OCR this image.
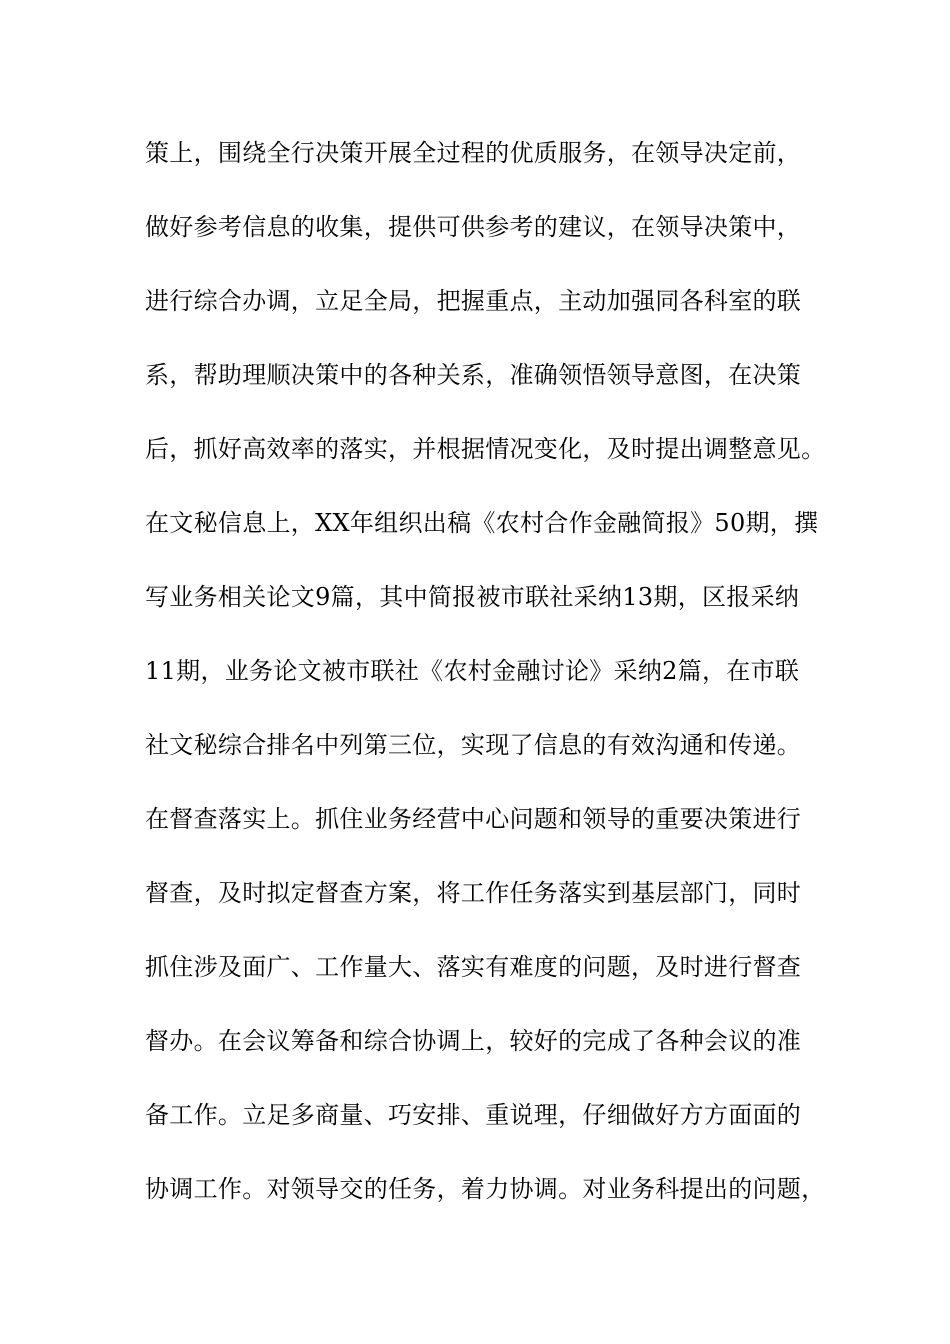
策上，围绕全行决策开展全过程的优质服务，在领导决定前，
做好参考信息的收集，提供可供参考的建议，在领导决策中，
进行综合办调，立足全局，把握重点，主动加强同各科室的联
系，帮助理顺决策中的各种关系，准确领悟领导意图，在决策
后，抓好高效率的落实，并根据情况变化，及时提出调整意见。
在文秘信息上，XX年组织出稿《农村合作金融简报》50期，撰
写业务相关论文9篇，其中简报被市联社采纳13期，区报采纳
11期，业务论文被市联社《农村金融讨论》采纳2篇，在市联
社文秘综合排名中列第三位，实现了信息的有效沟通和传递。
在督查落实上。抓住业务经营中心问题和领导的重要决策进行
督查，及时拟定督查方案，将工作任务落实到基层部门，同时
抓住涉及面广、工作量大、落实有难度的问题，及时进行督查
督办。在会议筹备和综合协调上，较好的完成了各种会议的准
备工作。立足多商量、巧安排、重说理，仔细做好方方面面的
协调工作。对领导交的任务，着力协调。对业务科提出的问题，
